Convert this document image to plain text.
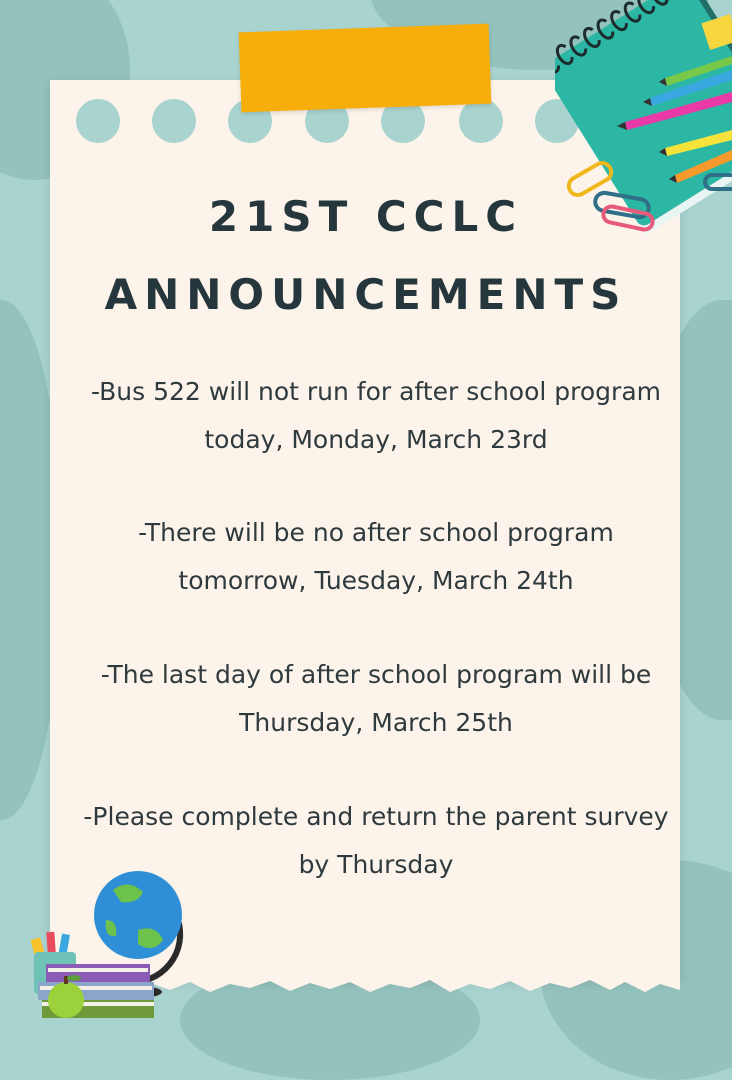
21ST CCLC
ANNOUNCEMENTS
-Bus 522 will not run for after school program
today, Monday, March 23rd
-There will be no after school program
tomorrow, Tuesday, March 24th
-The last day of after school program will be
Thursday, March 25th
-Please complete and return the parent survey
by Thursday
